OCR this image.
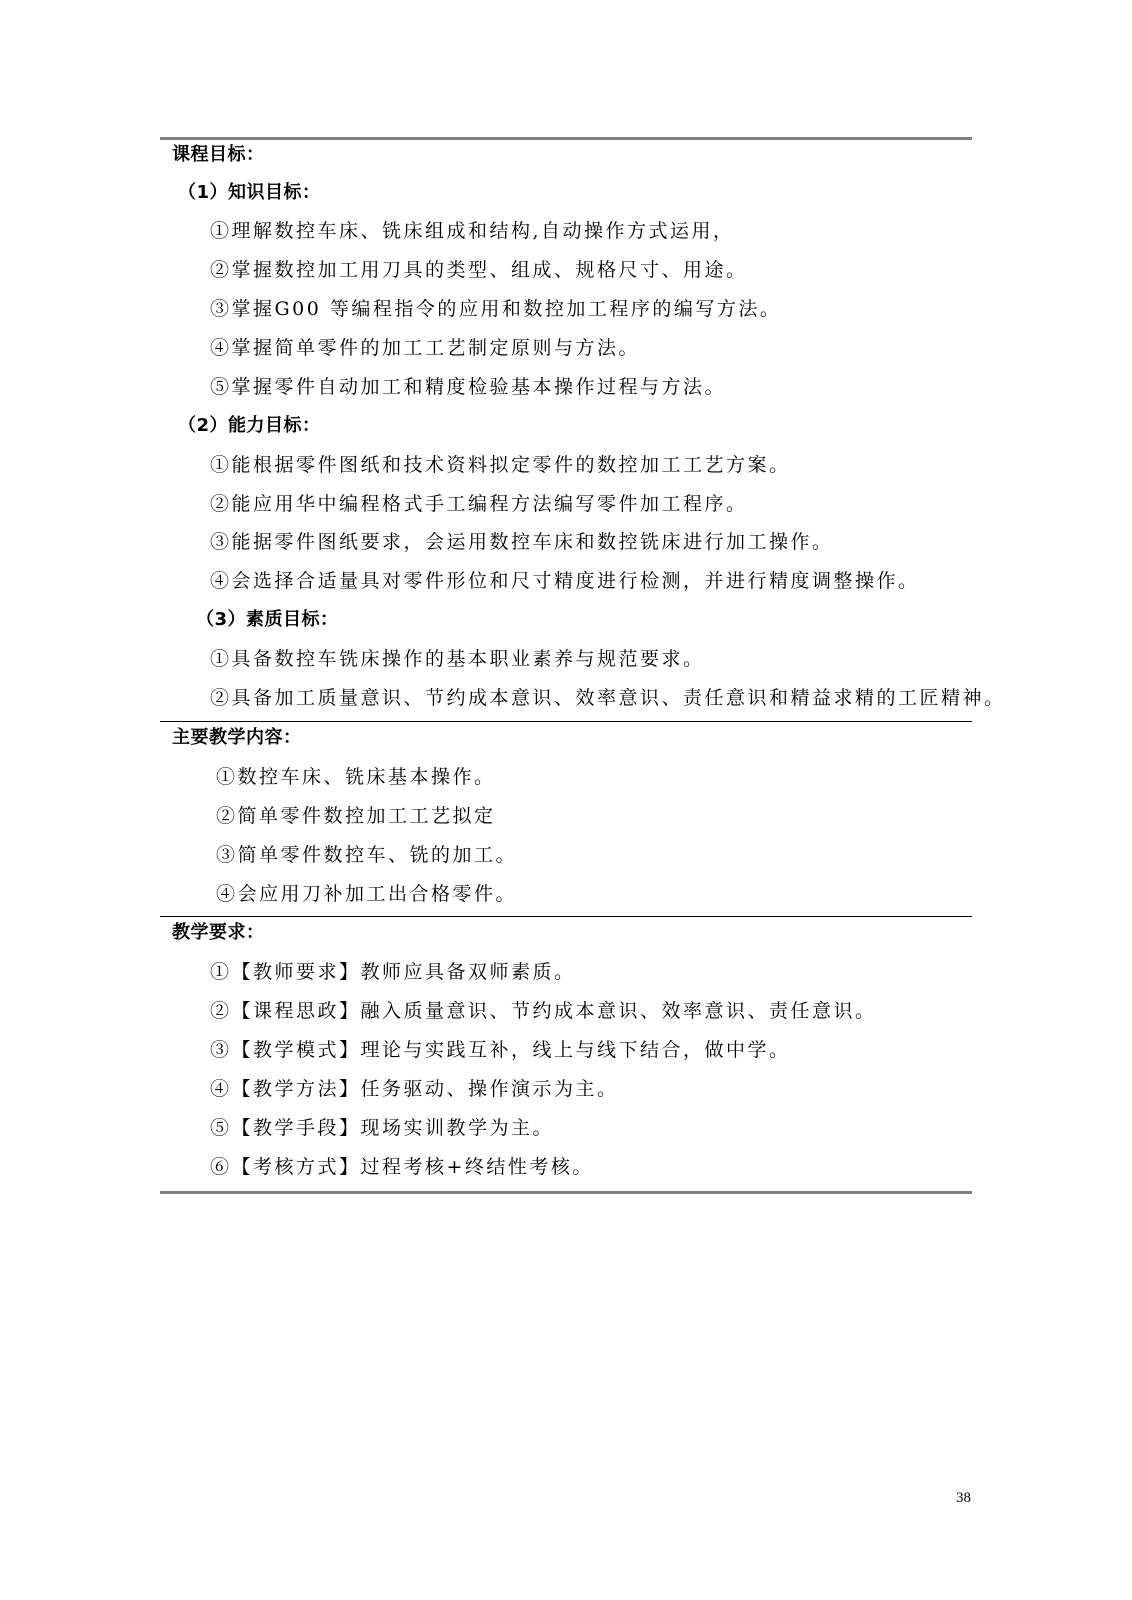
课程目标：
（1）知识目标：
①理解数控车床、铣床组成和结构,自动操作方式运用，
②掌握数控加工用刀具的类型、组成、规格尺寸、用途。
③掌握G00 等编程指令的应用和数控加工程序的编写方法。
④掌握简单零件的加工工艺制定原则与方法。
⑤掌握零件自动加工和精度检验基本操作过程与方法。
（2）能力目标：
①能根据零件图纸和技术资料拟定零件的数控加工工艺方案。
②能应用华中编程格式手工编程方法编写零件加工程序。
③能据零件图纸要求，会运用数控车床和数控铣床进行加工操作。
④会选择合适量具对零件形位和尺寸精度进行检测，并进行精度调整操作。
（3）素质目标：
①具备数控车铣床操作的基本职业素养与规范要求。
②具备加工质量意识、节约成本意识、效率意识、责任意识和精益求精的工匠精神。
主要教学内容：
①数控车床、铣床基本操作。
②简单零件数控加工工艺拟定
③简单零件数控车、铣的加工。
④会应用刀补加工出合格零件。
教学要求：
①【教师要求】教师应具备双师素质。
②【课程思政】融入质量意识、节约成本意识、效率意识、责任意识。
③【教学模式】理论与实践互补，线上与线下结合，做中学。
④【教学方法】任务驱动、操作演示为主。
⑤【教学手段】现场实训教学为主。
⑥【考核方式】过程考核+终结性考核。
38
